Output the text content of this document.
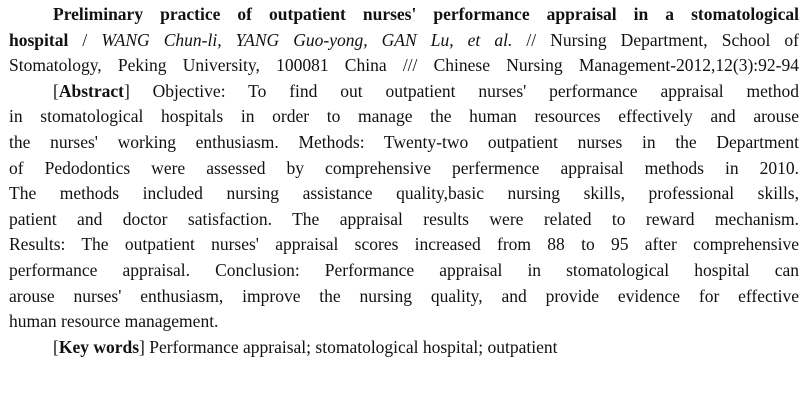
Preliminary practice of outpatient nurses' performance appraisal in a stomatological
hospital / WANG Chun-li, YANG Guo-yong, GAN Lu, et al. // Nursing Department, School of
Stomatology, Peking University, 100081 China /// Chinese Nursing Management-2012,12(3):92-94
[Abstract] Objective: To find out outpatient nurses' performance appraisal method
in stomatological hospitals in order to manage the human resources effectively and arouse
the nurses' working enthusiasm. Methods: Twenty-two outpatient nurses in the Department
of Pedodontics were assessed by comprehensive perfermence appraisal methods in 2010.
The methods included nursing assistance quality,basic nursing skills, professional skills,
patient and doctor satisfaction. The appraisal results were related to reward mechanism.
Results: The outpatient nurses' appraisal scores increased from 88 to 95 after comprehensive
performance appraisal. Conclusion: Performance appraisal in stomatological hospital can
arouse nurses' enthusiasm, improve the nursing quality, and provide evidence for effective
human resource management.
[Key words] Performance appraisal; stomatological hospital; outpatient
